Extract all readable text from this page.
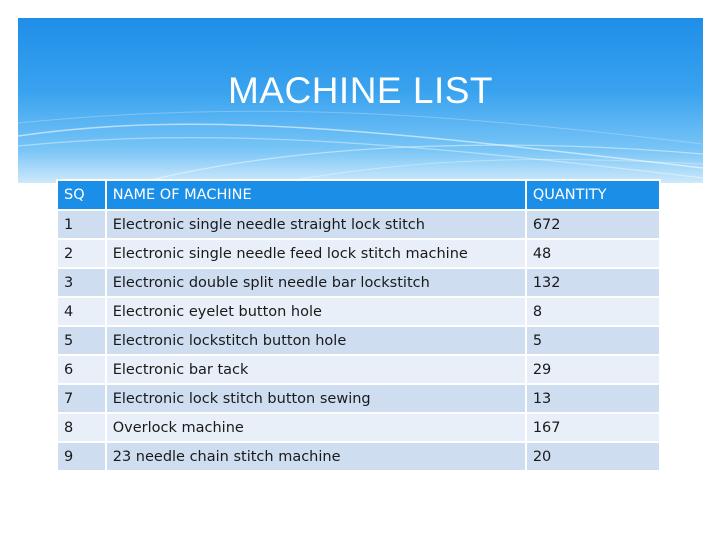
MACHINE LIST
SQ	NAME OF MACHINE	QUANTITY
1	Electronic single needle straight lock stitch	672
2	Electronic single needle feed lock stitch machine	48
3	Electronic double split needle bar lockstitch	132
4	Electronic eyelet button hole	8
5	Electronic lockstitch button hole	5
6	Electronic bar tack	29
7	Electronic lock stitch button sewing	13
8	Overlock machine	167
9	23 needle chain stitch machine	20
